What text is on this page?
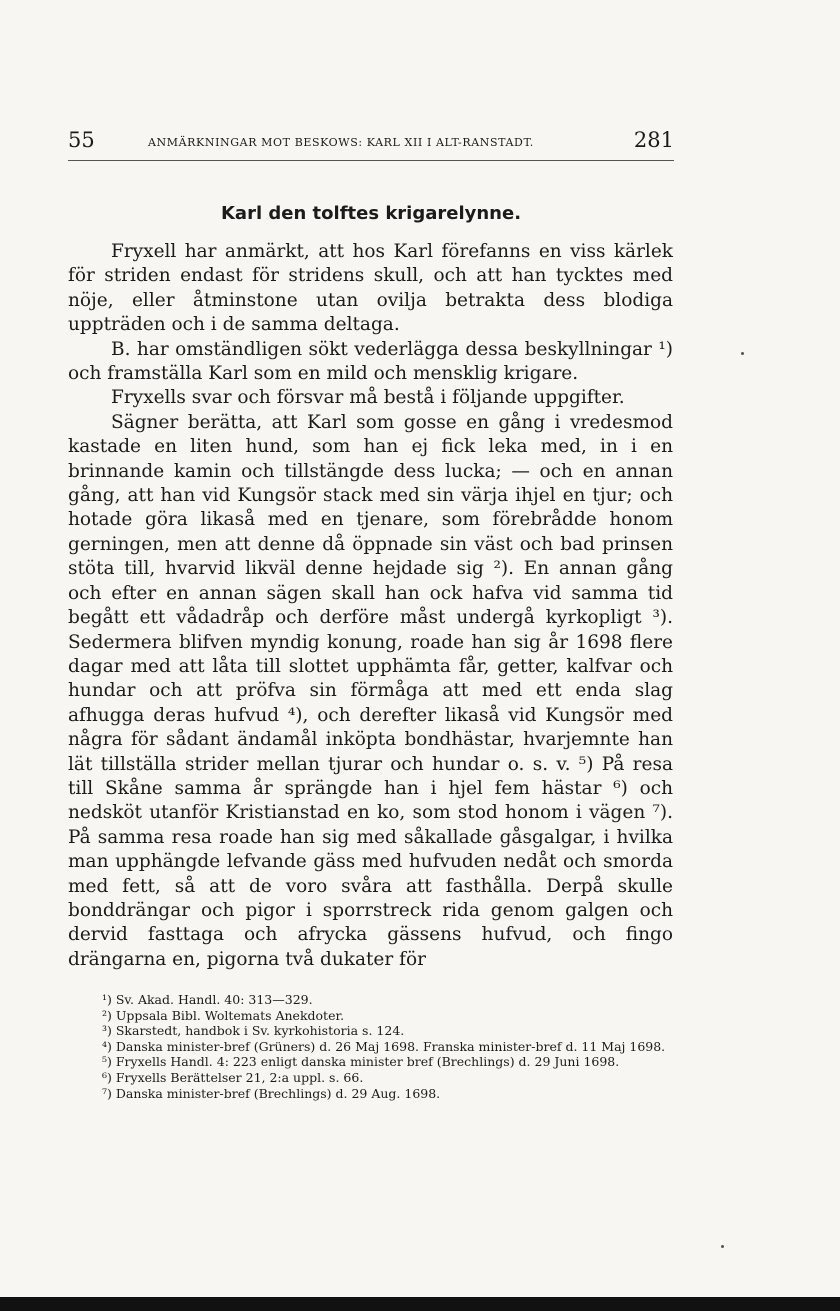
55	ANMÄRKNINGAR MOT BESKOWS: KARL XII I ALT-RANSTADT.	281
Karl den tolftes krigarelynne.

Fryxell har anmärkt, att hos Karl förefanns en viss kärlek för striden endast för stridens skull, och att han tycktes med nöje, eller åtminstone utan ovilja betrakta dess blodiga uppträden och i de samma deltaga.

B. har omständligen sökt vederlägga dessa beskyllningar ¹) och framställa Karl som en mild och mensklig krigare.

Fryxells svar och försvar må bestå i följande uppgifter.

Sägner berätta, att Karl som gosse en gång i vredesmod kastade en liten hund, som han ej fick leka med, in i en brinnande kamin och tillstängde dess lucka; — och en annan gång, att han vid Kungsör stack med sin värja ihjel en tjur; och hotade göra likaså med en tjenare, som förebrådde honom gerningen, men att denne då öppnade sin väst och bad prinsen stöta till, hvarvid likväl denne hejdade sig ²). En annan gång och efter en annan sägen skall han ock hafva vid samma tid begått ett vådadråp och derföre måst undergå kyrkopligt ³). Sedermera blifven myndig konung, roade han sig år 1698 flere dagar med att låta till slottet upphämta får, getter, kalfvar och hundar och att pröfva sin förmåga att med ett enda slag afhugga deras hufvud ⁴), och derefter likaså vid Kungsör med några för sådant ändamål inköpta bondhästar, hvarjemnte han lät tillställa strider mellan tjurar och hundar o. s. v. ⁵) På resa till Skåne samma år sprängde han i hjel fem hästar ⁶) och nedsköt utanför Kristianstad en ko, som stod honom i vägen ⁷). På samma resa roade han sig med såkallade gåsgalgar, i hvilka man upphängde lefvande gäss med hufvuden nedåt och smorda med fett, så att de voro svåra att fasthålla. Derpå skulle bonddrängar och pigor i sporrstreck rida genom galgen och dervid fasttaga och afrycka gässens hufvud, och fingo drängarna en, pigorna två dukater för

¹) Sv. Akad. Handl. 40: 313—329.

²) Uppsala Bibl. Woltemats Anekdoter.

³) Skarstedt, handbok i Sv. kyrkohistoria s. 124.

⁴) Danska minister-bref (Grüners) d. 26 Maj 1698. Franska minister-bref d. 11 Maj 1698.

⁵) Fryxells Handl. 4: 223 enligt danska minister bref (Brechlings) d. 29 Juni 1698.

⁶) Fryxells Berättelser 21, 2:a uppl. s. 66.

⁷) Danska minister-bref (Brechlings) d. 29 Aug. 1698.
